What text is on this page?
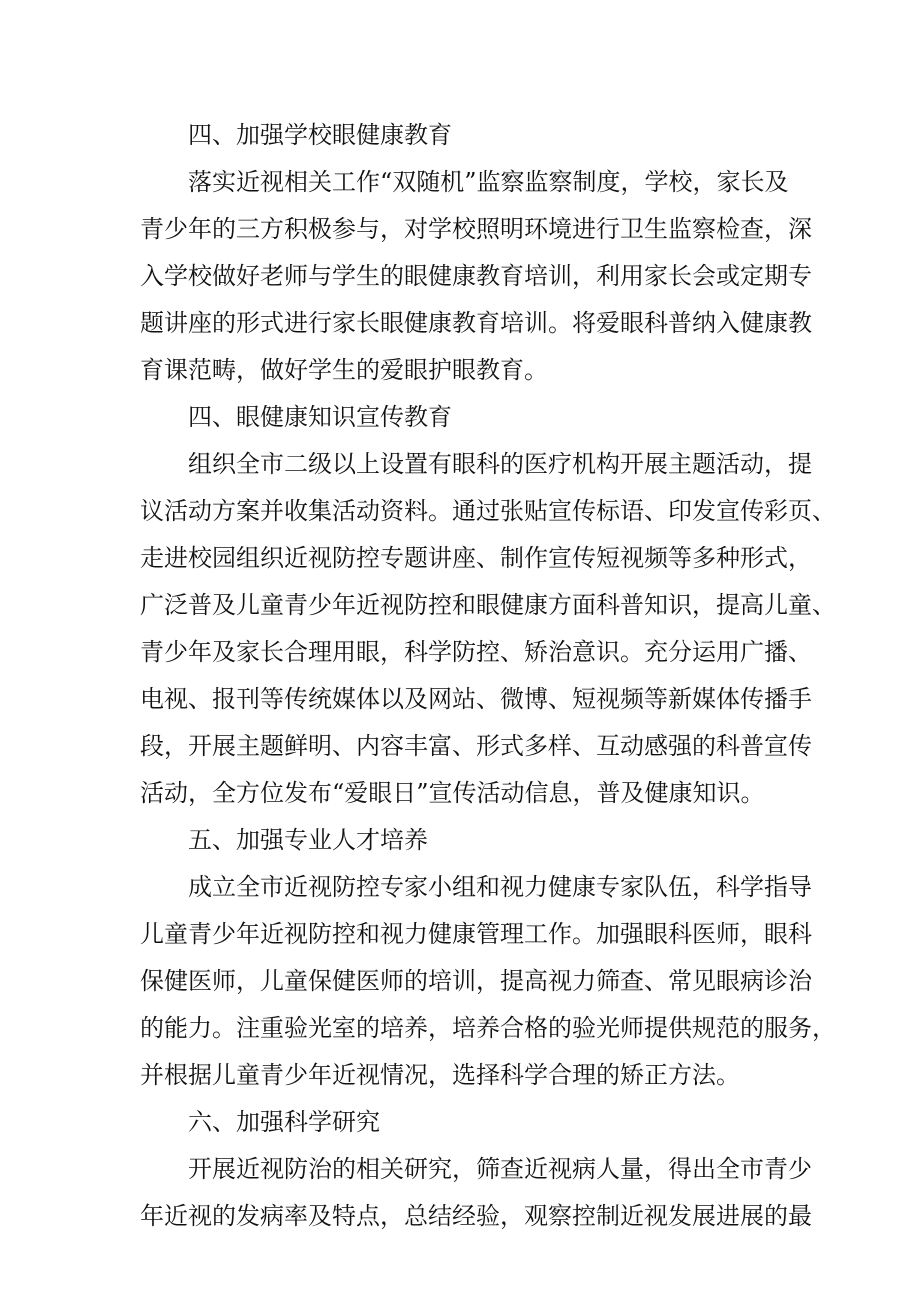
四、加强学校眼健康教育

落实近视相关工作“双随机”监察监察制度，学校，家长及

青少年的三方积极参与，对学校照明环境进行卫生监察检查，深

入学校做好老师与学生的眼健康教育培训，利用家长会或定期专

题讲座的形式进行家长眼健康教育培训。将爱眼科普纳入健康教

育课范畴，做好学生的爱眼护眼教育。

四、眼健康知识宣传教育

组织全市二级以上设置有眼科的医疗机构开展主题活动，提

议活动方案并收集活动资料。通过张贴宣传标语、印发宣传彩页、

走进校园组织近视防控专题讲座、制作宣传短视频等多种形式，

广泛普及儿童青少年近视防控和眼健康方面科普知识，提高儿童、

青少年及家长合理用眼，科学防控、矫治意识。充分运用广播、

电视、报刊等传统媒体以及网站、微博、短视频等新媒体传播手

段，开展主题鲜明、内容丰富、形式多样、互动感强的科普宣传

活动，全方位发布“爱眼日”宣传活动信息，普及健康知识。

五、加强专业人才培养

成立全市近视防控专家小组和视力健康专家队伍，科学指导

儿童青少年近视防控和视力健康管理工作。加强眼科医师，眼科

保健医师，儿童保健医师的培训，提高视力筛查、常见眼病诊治

的能力。注重验光室的培养，培养合格的验光师提供规范的服务，

并根据儿童青少年近视情况，选择科学合理的矫正方法。

六、加强科学研究

开展近视防治的相关研究，筛查近视病人量，得出全市青少

年近视的发病率及特点，总结经验，观察控制近视发展进展的最
